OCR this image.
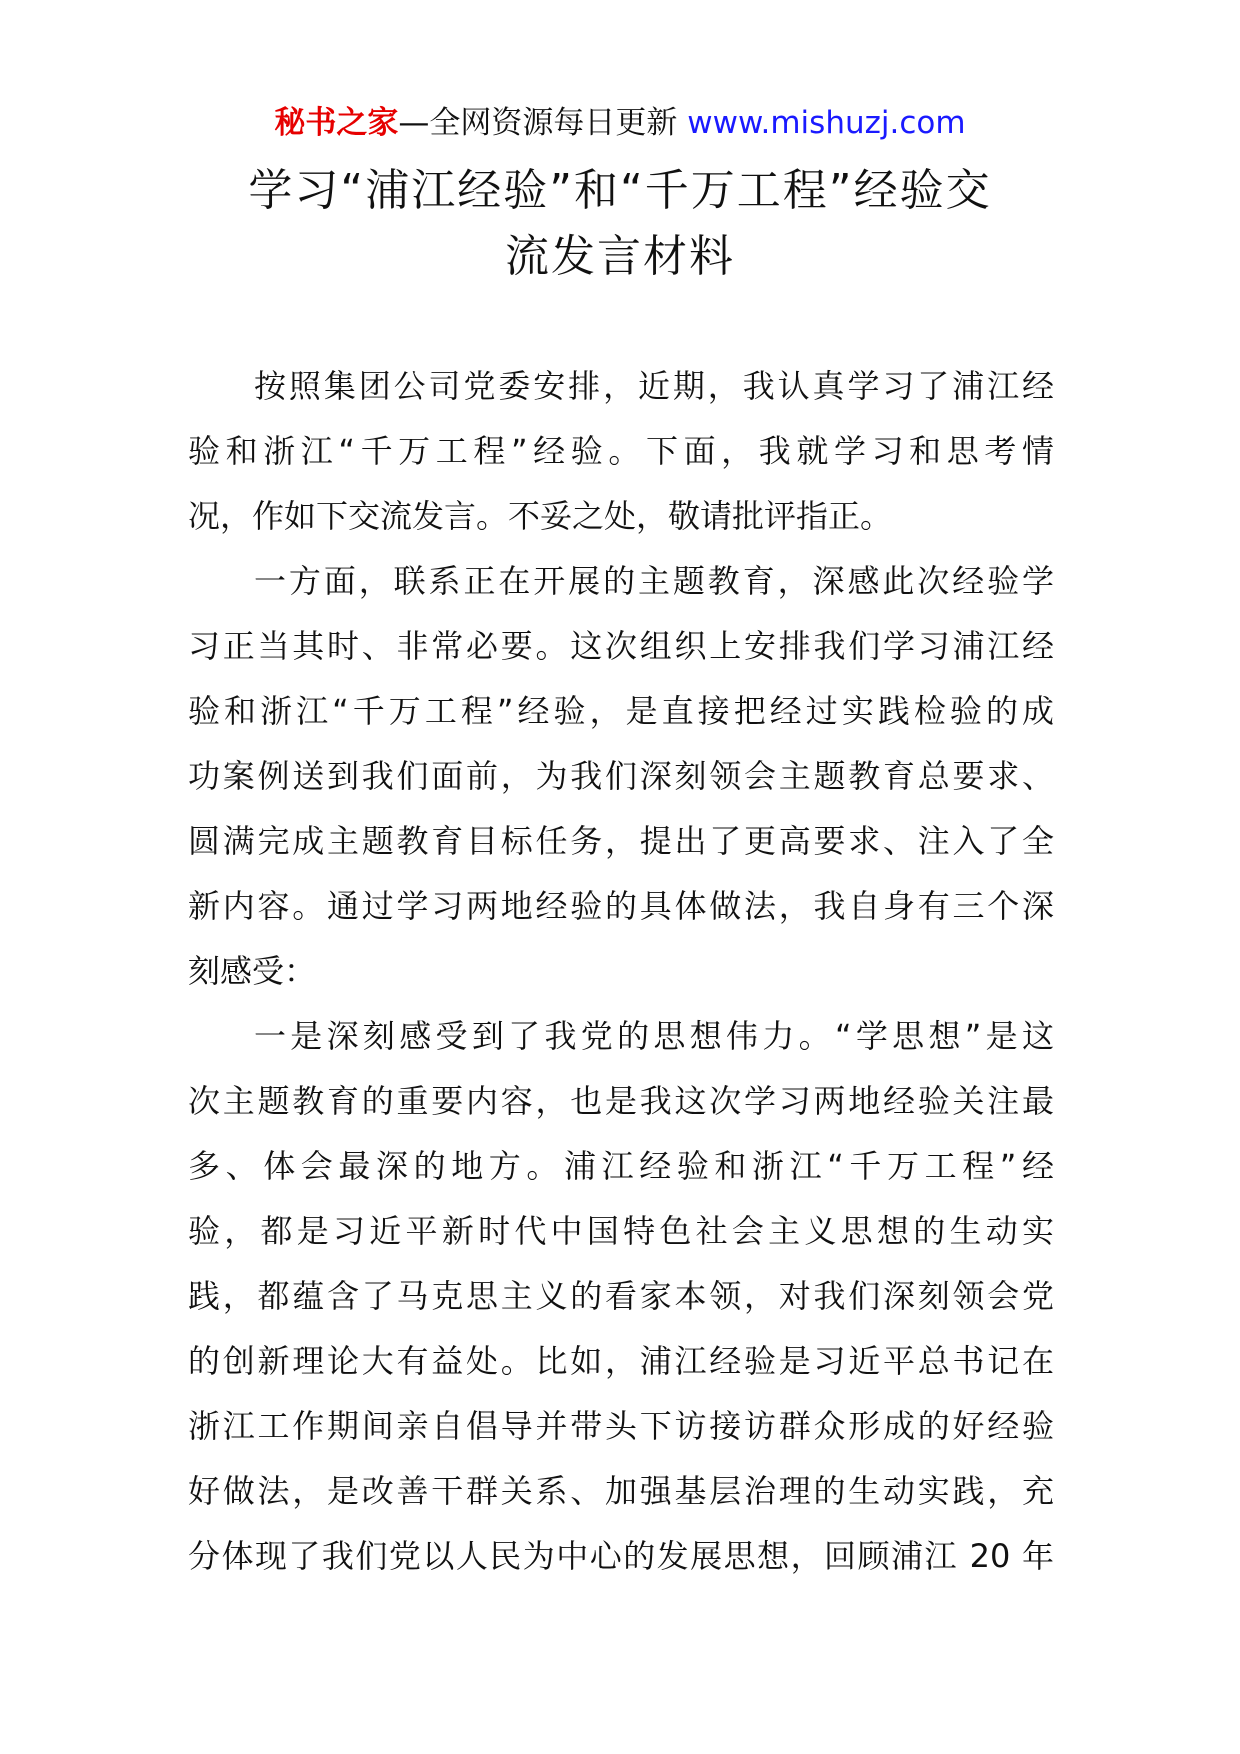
秘书之家—全网资源每日更新 www.mishuzj.com
学习“浦江经验”和“千万工程”经验交
流发言材料

按照集团公司党委安排，近期，我认真学习了浦江经
验和浙江“千万工程”经验。下面，我就学习和思考情
况，作如下交流发言。不妥之处，敬请批评指正。

一方面，联系正在开展的主题教育，深感此次经验学
习正当其时、非常必要。这次组织上安排我们学习浦江经
验和浙江“千万工程”经验，是直接把经过实践检验的成
功案例送到我们面前，为我们深刻领会主题教育总要求、
圆满完成主题教育目标任务，提出了更高要求、注入了全
新内容。通过学习两地经验的具体做法，我自身有三个深
刻感受：

一是深刻感受到了我党的思想伟力。“学思想”是这
次主题教育的重要内容，也是我这次学习两地经验关注最
多、体会最深的地方。浦江经验和浙江“千万工程”经
验，都是习近平新时代中国特色社会主义思想的生动实
践，都蕴含了马克思主义的看家本领，对我们深刻领会党
的创新理论大有益处。比如，浦江经验是习近平总书记在
浙江工作期间亲自倡导并带头下访接访群众形成的好经验
好做法，是改善干群关系、加强基层治理的生动实践，充
分体现了我们党以人民为中心的发展思想，回顾浦江 20 年
